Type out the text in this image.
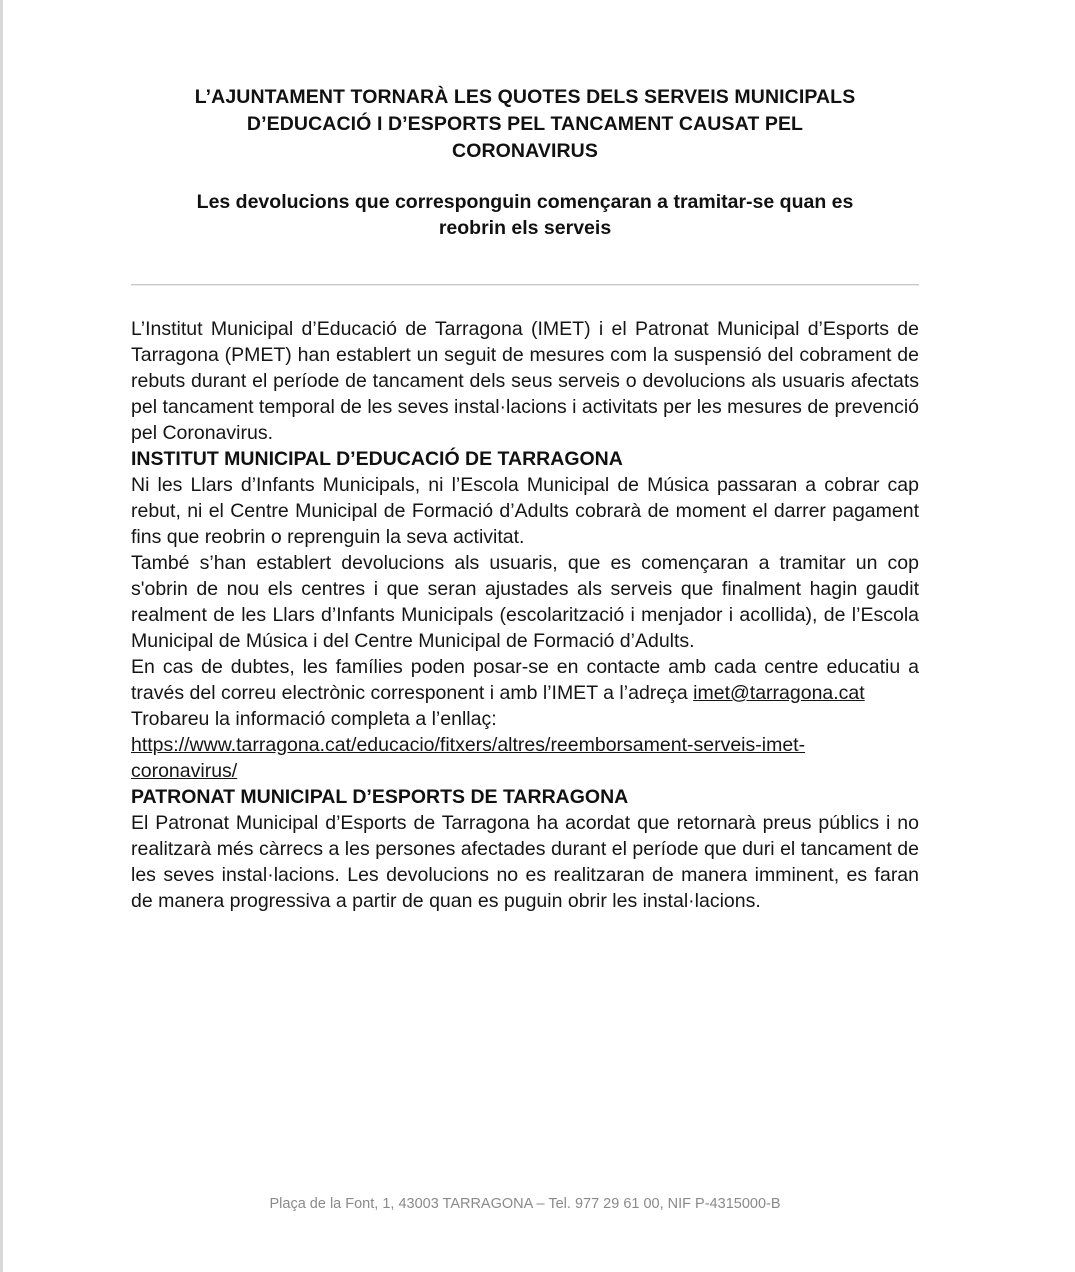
L’AJUNTAMENT TORNARÀ LES QUOTES DELS SERVEIS MUNICIPALS
D’EDUCACIÓ I D’ESPORTS PEL TANCAMENT CAUSAT PEL
CORONAVIRUS
Les devolucions que corresponguin començaran a tramitar-se quan es
reobrin els serveis

L’Institut Municipal d’Educació de Tarragona (IMET) i el Patronat Municipal d’Esports de Tarragona (PMET) han establert un seguit de mesures com la suspensió del cobrament de rebuts durant el període de tancament dels seus serveis o devolucions als usuaris afectats pel tancament temporal de les seves instal·lacions i activitats per les mesures de prevenció pel Coronavirus.

INSTITUT MUNICIPAL D’EDUCACIÓ DE TARRAGONA

Ni les Llars d’Infants Municipals, ni l’Escola Municipal de Música passaran a cobrar cap rebut, ni el Centre Municipal de Formació d’Adults cobrarà de moment el darrer pagament fins que reobrin o reprenguin la seva activitat.

També s’han establert devolucions als usuaris, que es començaran a tramitar un cop s'obrin de nou els centres i que seran ajustades als serveis que finalment hagin gaudit realment de les Llars d’Infants Municipals (escolarització i menjador i acollida), de l’Escola Municipal de Música i del Centre Municipal de Formació d’Adults.

En cas de dubtes, les famílies poden posar-se en contacte amb cada centre educatiu a través del correu electrònic corresponent i amb l’IMET a l’adreça imet@tarragona.cat

Trobareu la informació completa a l’enllaç:
https://www.tarragona.cat/educacio/fitxers/altres/reemborsament-serveis-imet-
coronavirus/

PATRONAT MUNICIPAL D’ESPORTS DE TARRAGONA

El Patronat Municipal d’Esports de Tarragona ha acordat que retornarà preus públics i no realitzarà més càrrecs a les persones afectades durant el període que duri el tancament de les seves instal·lacions. Les devolucions no es realitzaran de manera imminent, es faran de manera progressiva a partir de quan es puguin obrir les instal·lacions.

Plaça de la Font, 1, 43003 TARRAGONA – Tel. 977 29 61 00, NIF P-4315000-B
